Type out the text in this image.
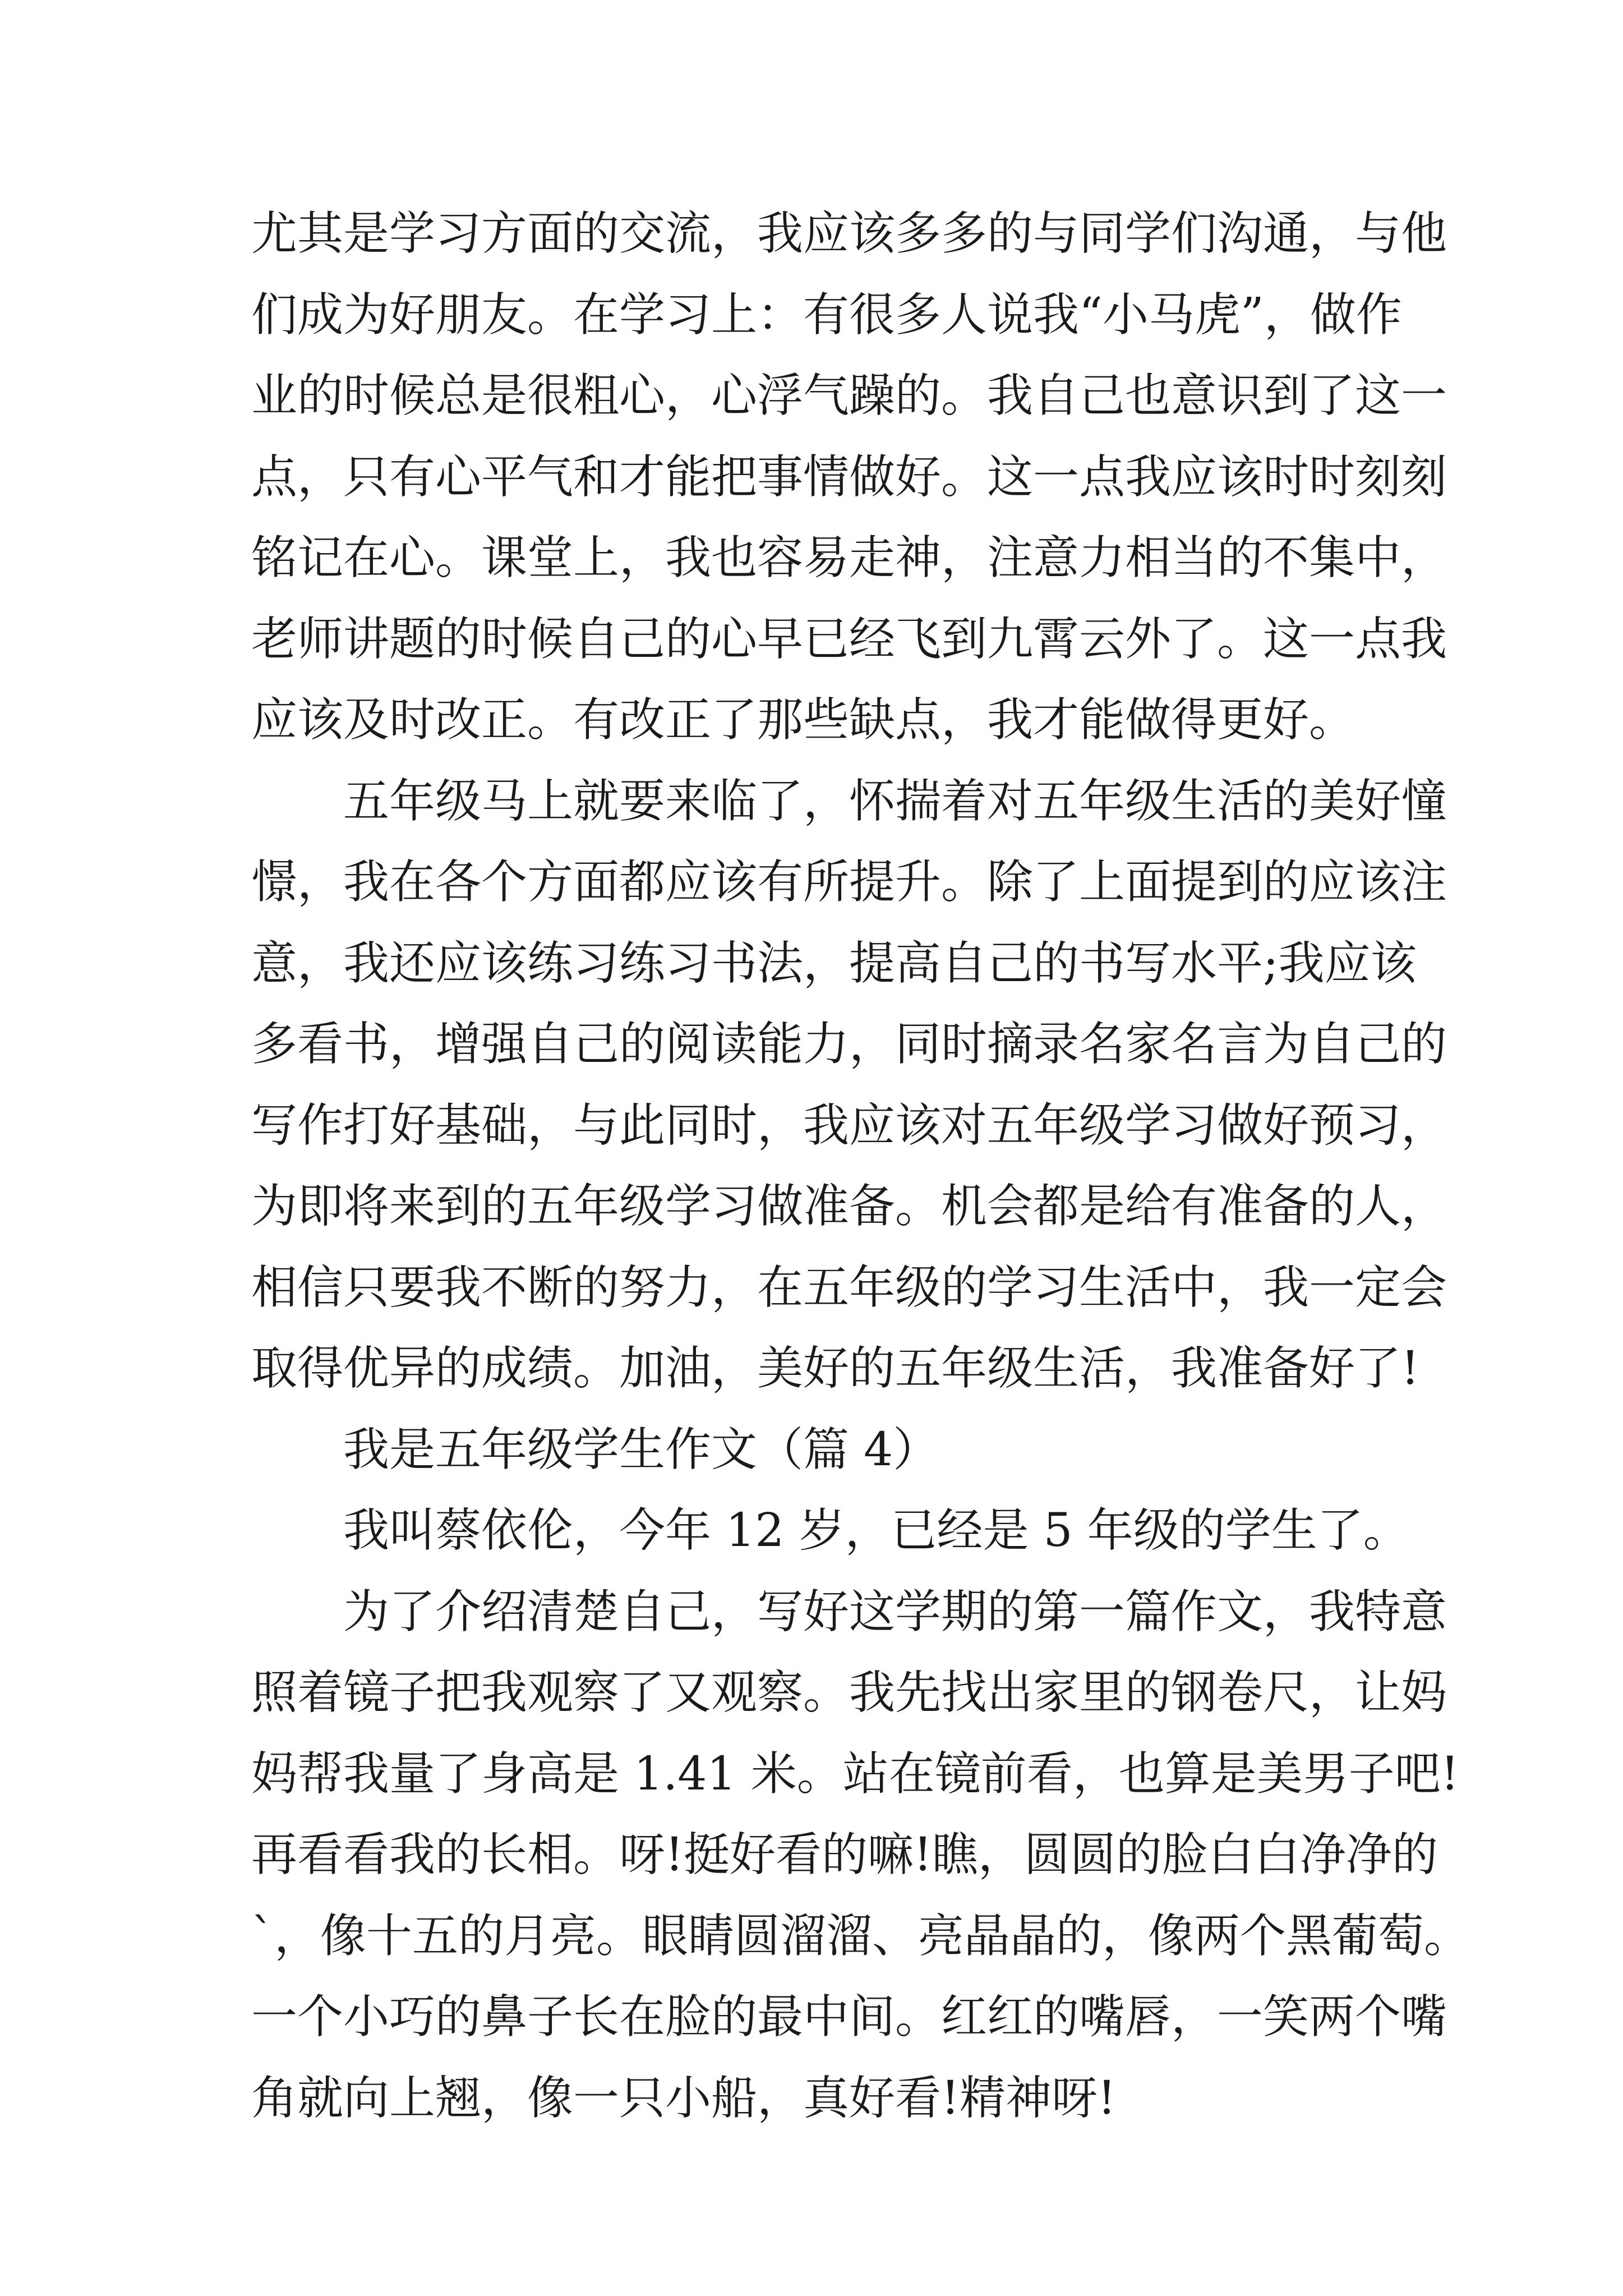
尤其是学习方面的交流，我应该多多的与同学们沟通，与他
们成为好朋友。在学习上：有很多人说我“小马虎”，做作
业的时候总是很粗心，心浮气躁的。我自己也意识到了这一
点，只有心平气和才能把事情做好。这一点我应该时时刻刻
铭记在心。课堂上，我也容易走神，注意力相当的不集中，
老师讲题的时候自己的心早已经飞到九霄云外了。这一点我
应该及时改正。有改正了那些缺点，我才能做得更好。
五年级马上就要来临了，怀揣着对五年级生活的美好憧
憬，我在各个方面都应该有所提升。除了上面提到的应该注
意，我还应该练习练习书法，提高自己的书写水平;我应该
多看书，增强自己的阅读能力，同时摘录名家名言为自己的
写作打好基础，与此同时，我应该对五年级学习做好预习，
为即将来到的五年级学习做准备。机会都是给有准备的人，
相信只要我不断的努力，在五年级的学习生活中，我一定会
取得优异的成绩。加油，美好的五年级生活，我准备好了!
我是五年级学生作文（篇 4）
我叫蔡依伦，今年 12 岁，已经是 5 年级的学生了。
为了介绍清楚自己，写好这学期的第一篇作文，我特意
照着镜子把我观察了又观察。我先找出家里的钢卷尺，让妈
妈帮我量了身高是 1.41 米。站在镜前看，也算是美男子吧!
再看看我的长相。呀!挺好看的嘛!瞧，圆圆的脸白白净净的
`，像十五的月亮。眼睛圆溜溜、亮晶晶的，像两个黑葡萄。
一个小巧的鼻子长在脸的最中间。红红的嘴唇，一笑两个嘴
角就向上翘，像一只小船，真好看!精神呀!
